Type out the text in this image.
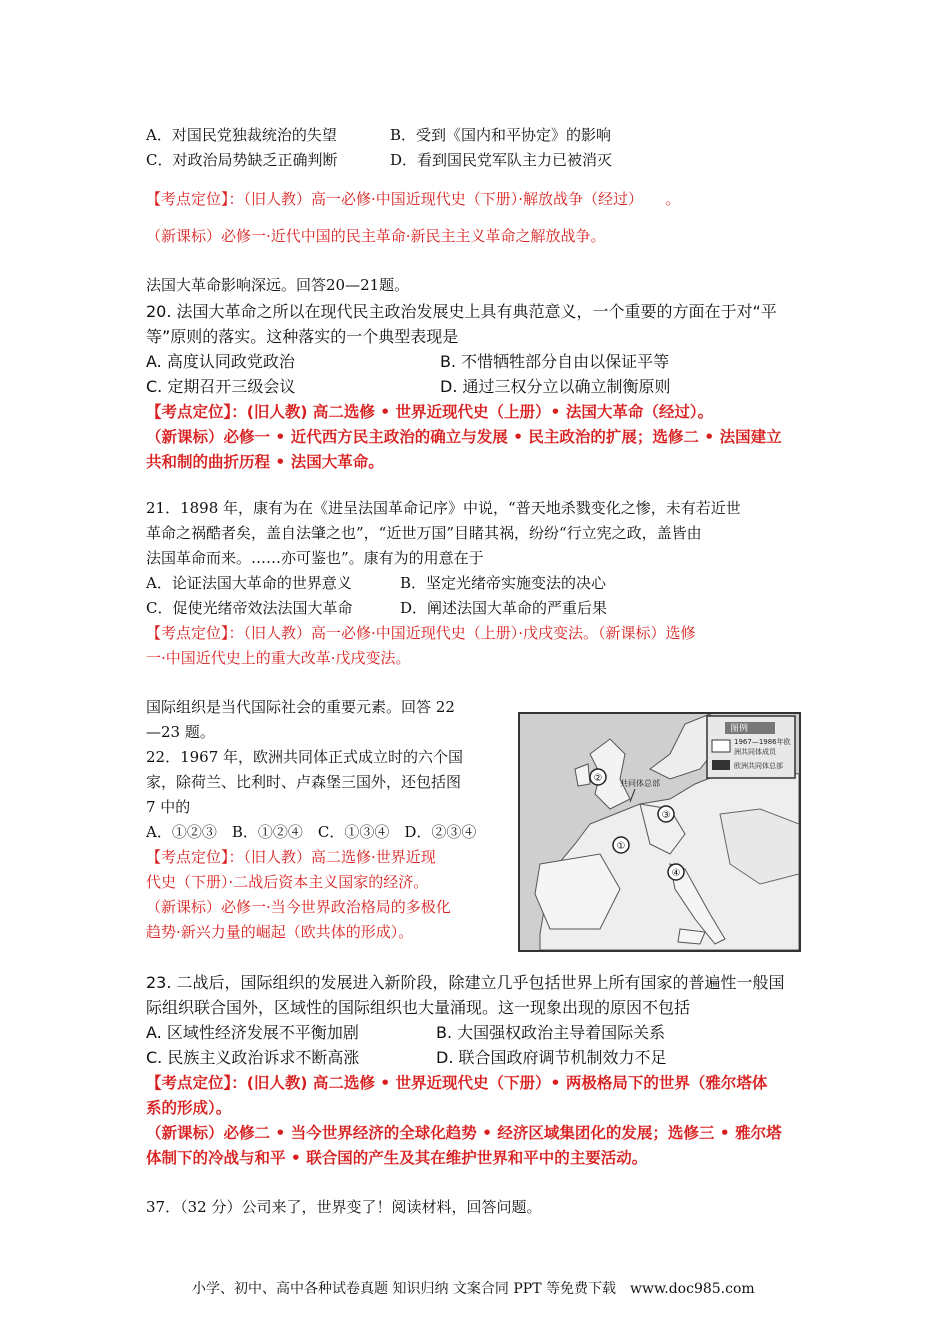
A．对国民党独裁统治的失望	B．受到《国内和平协定》的影响
C．对政治局势缺乏正确判断	D．看到国民党军队主力已被消灭
【考点定位】：（旧人教）高一必修·中国近现代史（下册）·解放战争（经过）　　。
（新课标）必修一·近代中国的民主革命·新民主主义革命之解放战争。
法国大革命影响深远。回答20—21题。
20. 法国大革命之所以在现代民主政治发展史上具有典范意义，一个重要的方面在于对“平
等”原则的落实。这种落实的一个典型表现是
A. 高度认同政党政治	B. 不惜牺牲部分自由以保证平等
C. 定期召开三级会议	D. 通过三权分立以确立制衡原则
【考点定位】：(旧人教) 高二选修 • 世界近现代史（上册）• 法国大革命（经过）。
（新课标）必修一 • 近代西方民主政治的确立与发展 • 民主政治的扩展；选修二 • 法国建立
共和制的曲折历程 • 法国大革命。
21．1898 年，康有为在《进呈法国革命记序》中说，“普天地杀戮变化之惨，未有若近世
革命之祸酷者矣，盖自法肇之也”，“近世万国”目睹其祸，纷纷“行立宪之政，盖皆由
法国革命而来。……亦可鉴也”。康有为的用意在于
A．论证法国大革命的世界意义	B．坚定光绪帝实施变法的决心
C．促使光绪帝效法法国大革命	D．阐述法国大革命的严重后果
【考点定位】：（旧人教）高一必修·中国近现代史（上册）·戊戌变法。（新课标）选修
一·中国近代史上的重大改革·戊戌变法。
国际组织是当代国际社会的重要元素。回答 22
—23 题。
22．1967 年，欧洲共同体正式成立时的六个国
家，除荷兰、比利时、卢森堡三国外，还包括图
7 中的
A．①②③　B．①②④　C．①③④　D．②③④
【考点定位】：（旧人教）高二选修·世界近现
代史（下册）·二战后资本主义国家的经济。
（新课标）必修一·当今世界政治格局的多极化
趋势·新兴力量的崛起（欧共体的形成）。
图例
1967—1986年欧
洲共同体成员
欧洲共同体总部
共同体总部
②
③
①
④
23. 二战后，国际组织的发展进入新阶段，除建立几乎包括世界上所有国家的普遍性一般国
际组织联合国外，区域性的国际组织也大量涌现。这一现象出现的原因不包括
A. 区域性经济发展不平衡加剧	B. 大国强权政治主导着国际关系
C. 民族主义政治诉求不断高涨	D. 联合国政府调节机制效力不足
【考点定位】：(旧人教) 高二选修 • 世界近现代史（下册）• 两极格局下的世界（雅尔塔体
系的形成）。
（新课标）必修二 • 当今世界经济的全球化趋势 • 经济区域集团化的发展；选修三 • 雅尔塔
体制下的冷战与和平 • 联合国的产生及其在维护世界和平中的主要活动。
37．（32 分）公司来了，世界变了！阅读材料，回答问题。
小学、初中、高中各种试卷真题 知识归纳 文案合同 PPT 等免费下载　www.doc985.com
